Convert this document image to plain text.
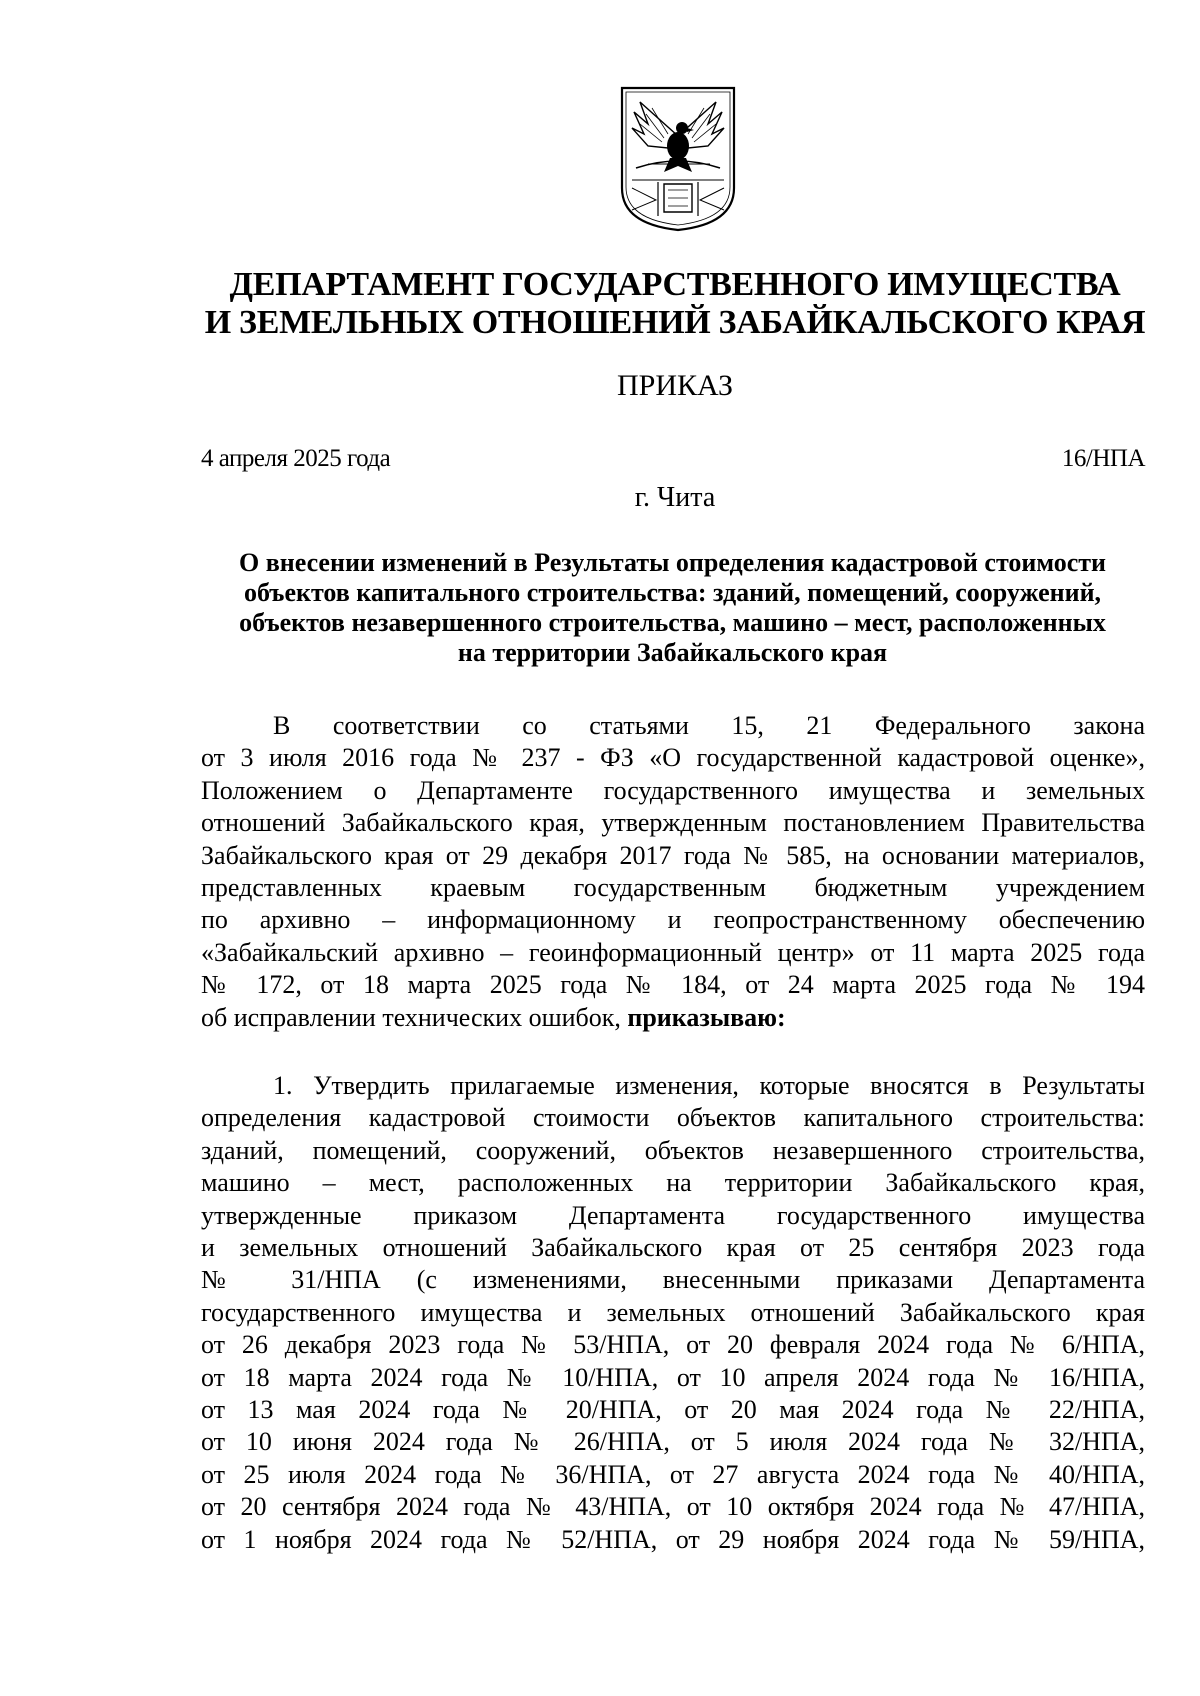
ДЕПАРТАМЕНТ ГОСУДАРСТВЕННОГО ИМУЩЕСТВА
И ЗЕМЕЛЬНЫХ ОТНОШЕНИЙ ЗАБАЙКАЛЬСКОГО КРАЯ
ПРИКАЗ
4 апреля 2025 года	16/НПА
г. Чита
О внесении изменений в Результаты определения кадастровой стоимости
объектов капитального строительства: зданий, помещений, сооружений,
объектов незавершенного строительства, машино – мест, расположенных
на территории Забайкальского края
В соответствии со статьями 15, 21 Федерального закона
от 3 июля 2016 года № 237 - ФЗ «О государственной кадастровой оценке»,
Положением о Департаменте государственного имущества и земельных
отношений Забайкальского края, утвержденным постановлением Правительства
Забайкальского края от 29 декабря 2017 года № 585, на основании материалов,
представленных краевым государственным бюджетным учреждением
по архивно – информационному и геопространственному обеспечению
«Забайкальский архивно – геоинформационный центр» от 11 марта 2025 года
№ 172, от 18 марта 2025 года № 184, от 24 марта 2025 года № 194
об исправлении технических ошибок, приказываю:
1. Утвердить прилагаемые изменения, которые вносятся в Результаты
определения кадастровой стоимости объектов капитального строительства:
зданий, помещений, сооружений, объектов незавершенного строительства,
машино – мест, расположенных на территории Забайкальского края,
утвержденные приказом Департамента государственного имущества
и земельных отношений Забайкальского края от 25 сентября 2023 года
№ 31/НПА (с изменениями, внесенными приказами Департамента
государственного имущества и земельных отношений Забайкальского края
от 26 декабря 2023 года № 53/НПА, от 20 февраля 2024 года № 6/НПА,
от 18 марта 2024 года № 10/НПА, от 10 апреля 2024 года № 16/НПА,
от 13 мая 2024 года № 20/НПА, от 20 мая 2024 года № 22/НПА,
от 10 июня 2024 года № 26/НПА, от 5 июля 2024 года № 32/НПА,
от 25 июля 2024 года № 36/НПА, от 27 августа 2024 года № 40/НПА,
от 20 сентября 2024 года № 43/НПА, от 10 октября 2024 года № 47/НПА,
от 1 ноября 2024 года № 52/НПА, от 29 ноября 2024 года № 59/НПА,
